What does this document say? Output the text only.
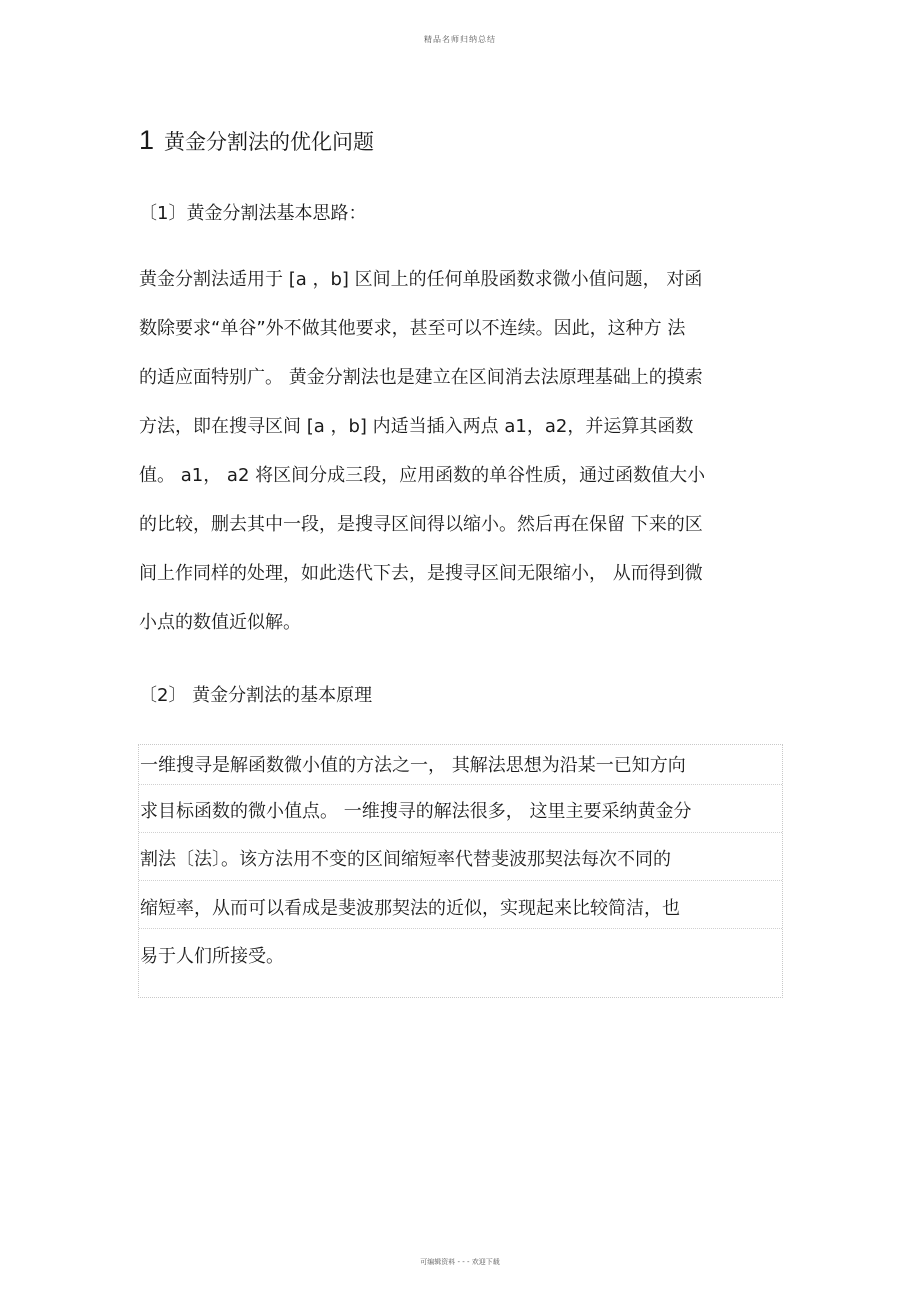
精品名师归纳总结
1 黄金分割法的优化问题
〔1〕黄金分割法基本思路：
黄金分割法适用于 [a ，b] 区间上的任何单股函数求微小值问题， 对函
数除要求“单谷”外不做其他要求，甚至可以不连续。因此，这种方 法
的适应面特别广。 黄金分割法也是建立在区间消去法原理基础上的摸索
方法，即在搜寻区间 [a ，b] 内适当插入两点 a1，a2，并运算其函数
值。 a1， a2 将区间分成三段，应用函数的单谷性质，通过函数值大小
的比较，删去其中一段，是搜寻区间得以缩小。然后再在保留 下来的区
间上作同样的处理，如此迭代下去，是搜寻区间无限缩小， 从而得到微
小点的数值近似解。
〔2〕 黄金分割法的基本原理
一维搜寻是解函数微小值的方法之一， 其解法思想为沿某一已知方向
求目标函数的微小值点。 一维搜寻的解法很多， 这里主要采纳黄金分
割法〔法〕。该方法用不变的区间缩短率代替斐波那契法每次不同的
缩短率，从而可以看成是斐波那契法的近似，实现起来比较简洁，也
易于人们所接受。
可编辑资料 - - - 欢迎下载
